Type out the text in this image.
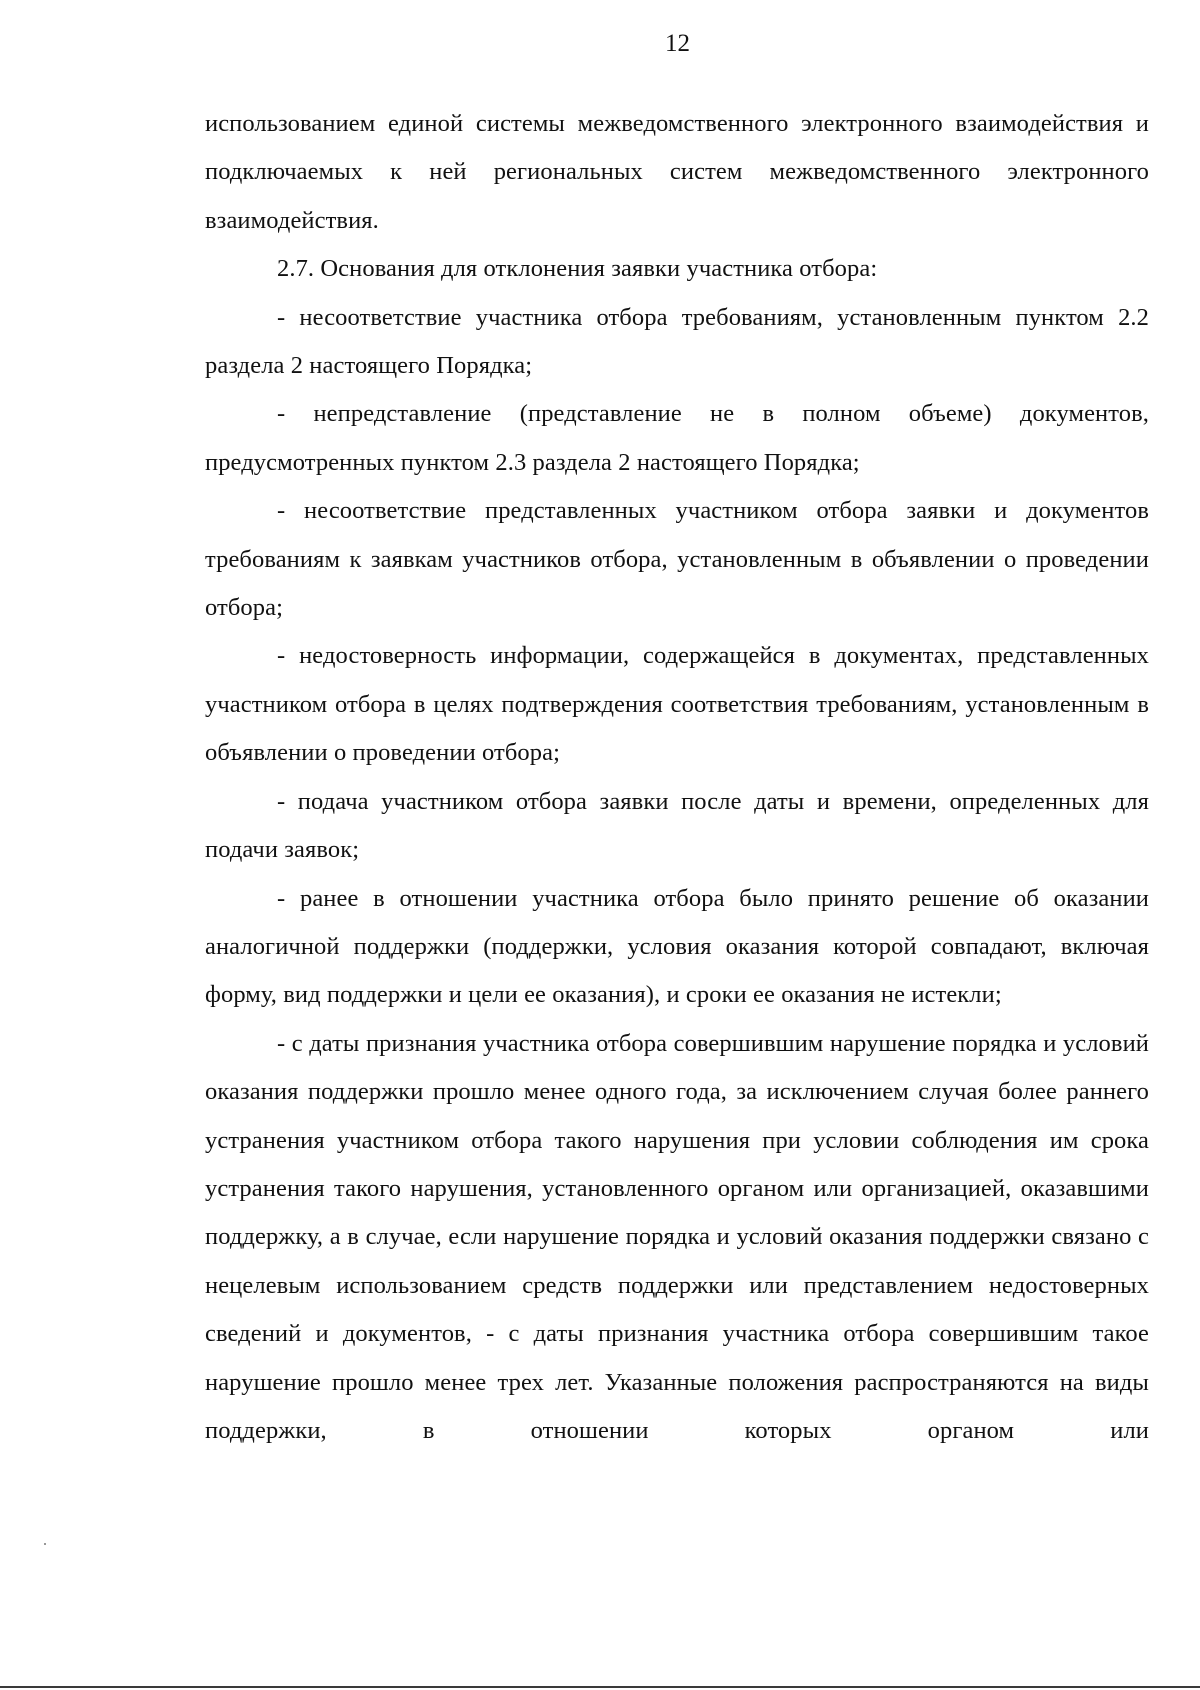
12

использованием единой системы межведомственного электронного взаимодействия и подключаемых к ней региональных систем межведомственного электронного взаимодействия.

2.7. Основания для отклонения заявки участника отбора:

- несоответствие участника отбора требованиям, установленным пунктом 2.2 раздела 2 настоящего Порядка;

- непредставление (представление не в полном объеме) документов, предусмотренных пунктом 2.3 раздела 2 настоящего Порядка;

- несоответствие представленных участником отбора заявки и документов требованиям к заявкам участников отбора, установленным в объявлении о проведении отбора;

- недостоверность информации, содержащейся в документах, представленных участником отбора в целях подтверждения соответствия требованиям, установленным в объявлении о проведении отбора;

- подача участником отбора заявки после даты и времени, определенных для подачи заявок;

- ранее в отношении участника отбора было принято решение об оказании аналогичной поддержки (поддержки, условия оказания которой совпадают, включая форму, вид поддержки и цели ее оказания), и сроки ее оказания не истекли;

- с даты признания участника отбора совершившим нарушение порядка и условий оказания поддержки прошло менее одного года, за исключением случая более раннего устранения участником отбора такого нарушения при условии соблюдения им срока устранения такого нарушения, установленного органом или организацией, оказавшими поддержку, а в случае, если нарушение порядка и условий оказания поддержки связано с нецелевым использованием средств поддержки или представлением недостоверных сведений и документов, - с даты признания участника отбора совершившим такое нарушение прошло менее трех лет. Указанные положения распространяются на виды поддержки, в отношении которых органом или
